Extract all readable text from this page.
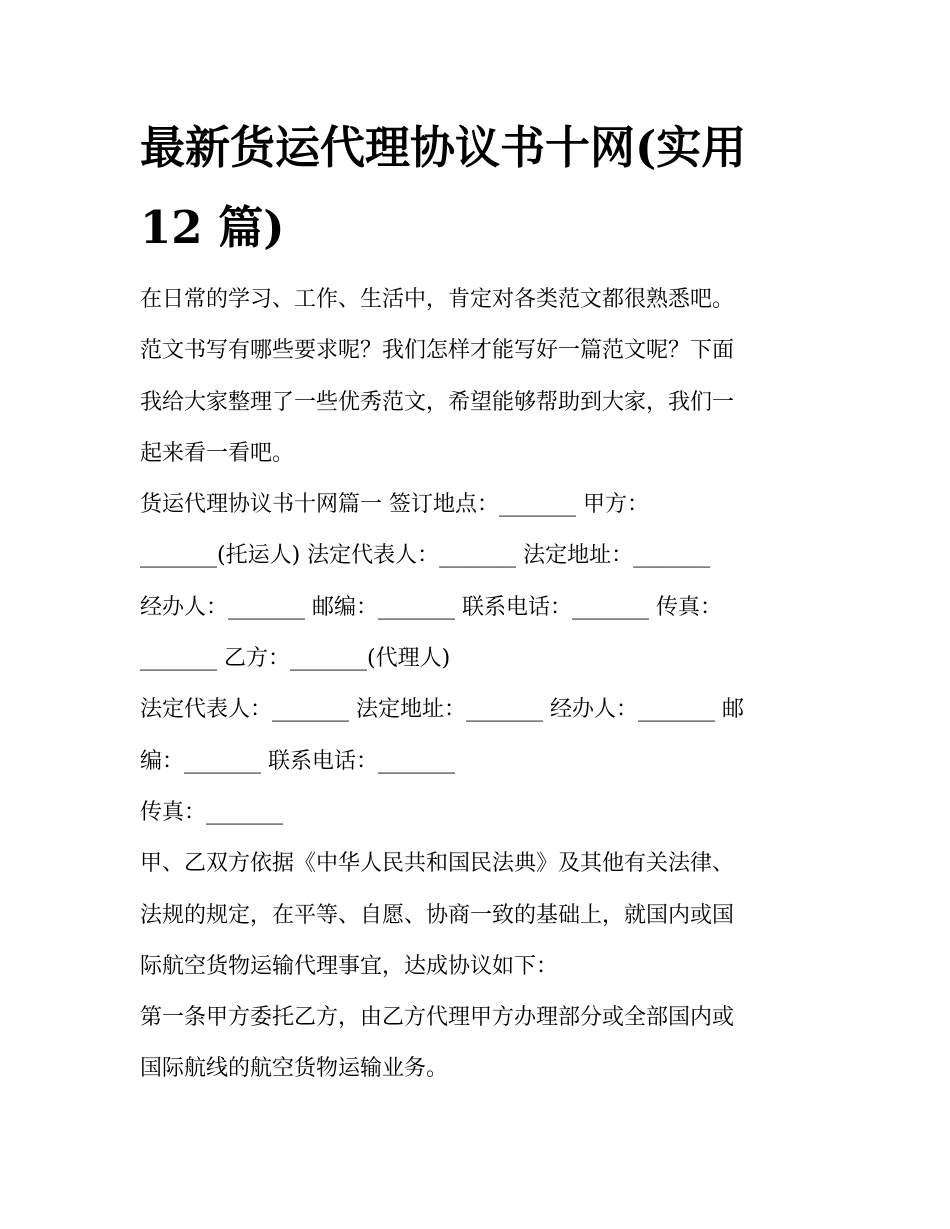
最新货运代理协议书十网(实用
12 篇)

在日常的学习、工作、生活中，肯定对各类范文都很熟悉吧。

范文书写有哪些要求呢？我们怎样才能写好一篇范文呢？下面

我给大家整理了一些优秀范文，希望能够帮助到大家，我们一

起来看一看吧。

货运代理协议书十网篇一 签订地点：_______ 甲方：

_______(托运人) 法定代表人：_______ 法定地址：_______

经办人：_______ 邮编：_______ 联系电话：_______ 传真：

_______ 乙方：_______(代理人)

法定代表人：_______ 法定地址：_______ 经办人：_______ 邮

编：_______ 联系电话：_______

传真：_______

甲、乙双方依据《中华人民共和国民法典》及其他有关法律、

法规的规定，在平等、自愿、协商一致的基础上，就国内或国

际航空货物运输代理事宜，达成协议如下：

第一条甲方委托乙方，由乙方代理甲方办理部分或全部国内或

国际航线的航空货物运输业务。
